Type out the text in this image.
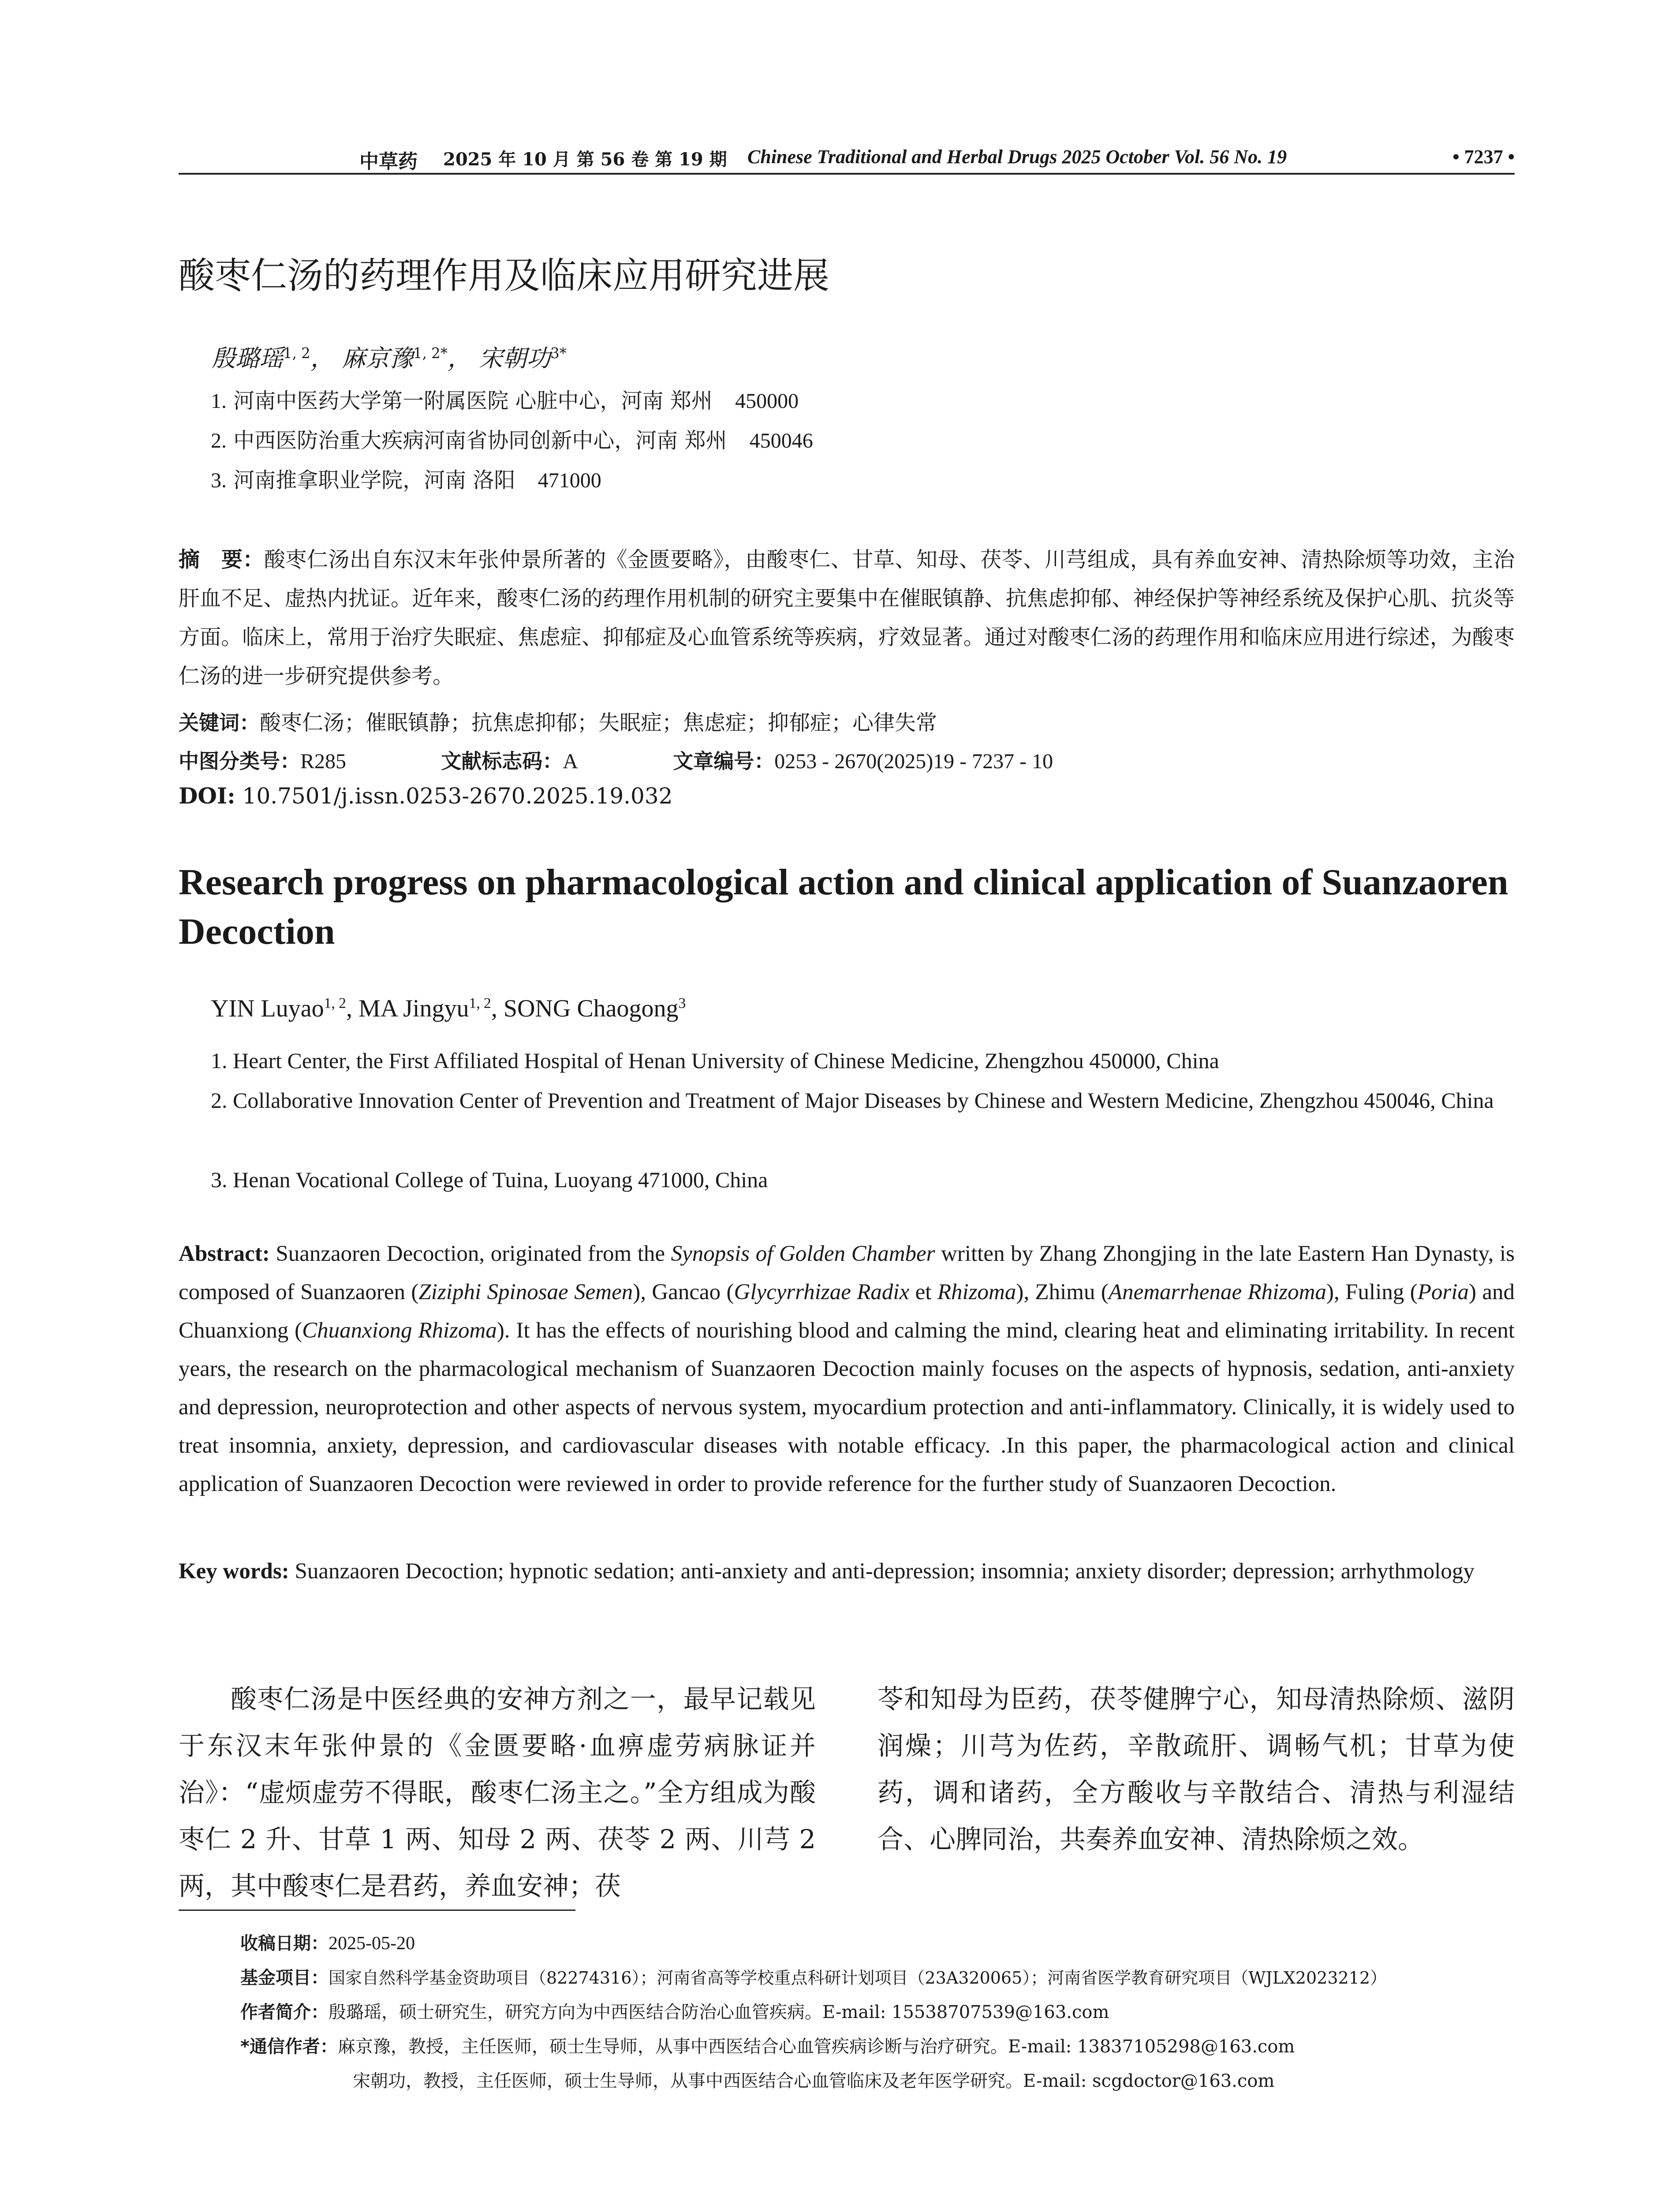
中草药 2025 年 10 月 第 56 卷 第 19 期 Chinese Traditional and Herbal Drugs 2025 October Vol. 56 No. 19	• 7237 •
酸枣仁汤的药理作用及临床应用研究进展
殷璐瑶$^{1, 2}$， 麻京豫$^{1, 2*}$， 宋朝功$^{3*}$
1. 河南中医药大学第一附属医院 心脏中心，河南 郑州 450000
2. 中西医防治重大疾病河南省协同创新中心，河南 郑州 450046
3. 河南推拿职业学院，河南 洛阳 471000
摘　要：酸枣仁汤出自东汉末年张仲景所著的《金匮要略》，由酸枣仁、甘草、知母、茯苓、川芎组成，具有养血安神、清热除烦等功效，主治肝血不足、虚热内扰证。近年来，酸枣仁汤的药理作用机制的研究主要集中在催眠镇静、抗焦虑抑郁、神经保护等神经系统及保护心肌、抗炎等方面。临床上，常用于治疗失眠症、焦虑症、抑郁症及心血管系统等疾病，疗效显著。通过对酸枣仁汤的药理作用和临床应用进行综述，为酸枣仁汤的进一步研究提供参考。
关键词：酸枣仁汤；催眠镇静；抗焦虑抑郁；失眠症；焦虑症；抑郁症；心律失常
中图分类号：R285	文献标志码：A	文章编号：0253 - 2670(2025)19 - 7237 - 10
DOI: 10.7501/j.issn.0253-2670.2025.19.032
Research progress on pharmacological action and clinical application of Suanzaoren Decoction
YIN Luyao$^{1, 2}$, MA Jingyu$^{1, 2}$, SONG Chaogong$^3$
1. Heart Center, the First Affiliated Hospital of Henan University of Chinese Medicine, Zhengzhou 450000, China
2. Collaborative Innovation Center of Prevention and Treatment of Major Diseases by Chinese and Western Medicine, Zhengzhou 450046, China
3. Henan Vocational College of Tuina, Luoyang 471000, China
Abstract: Suanzaoren Decoction, originated from the Synopsis of Golden Chamber written by Zhang Zhongjing in the late Eastern Han Dynasty, is composed of Suanzaoren (Ziziphi Spinosae Semen), Gancao (Glycyrrhizae Radix et Rhizoma), Zhimu (Anemarrhenae Rhizoma), Fuling (Poria) and Chuanxiong (Chuanxiong Rhizoma). It has the effects of nourishing blood and calming the mind, clearing heat and eliminating irritability. In recent years, the research on the pharmacological mechanism of Suanzaoren Decoction mainly focuses on the aspects of hypnosis, sedation, anti-anxiety and depression, neuroprotection and other aspects of nervous system, myocardium protection and anti-inflammatory. Clinically, it is widely used to treat insomnia, anxiety, depression, and cardiovascular diseases with notable efficacy. .In this paper, the pharmacological action and clinical application of Suanzaoren Decoction were reviewed in order to provide reference for the further study of Suanzaoren Decoction.
Key words: Suanzaoren Decoction; hypnotic sedation; anti-anxiety and anti-depression; insomnia; anxiety disorder; depression; arrhythmology
酸枣仁汤是中医经典的安神方剂之一，最早记载见于东汉末年张仲景的《金匮要略·血痹虚劳病脉证并治》：“虚烦虚劳不得眠，酸枣仁汤主之。”全方组成为酸枣仁 2 升、甘草 1 两、知母 2 两、茯苓 2 两、川芎 2 两，其中酸枣仁是君药，养血安神；茯
苓和知母为臣药，茯苓健脾宁心，知母清热除烦、滋阴润燥；川芎为佐药，辛散疏肝、调畅气机；甘草为使药，调和诸药，全方酸收与辛散结合、清热与利湿结合、心脾同治，共奏养血安神、清热除烦之效。
收稿日期：2025-05-20
基金项目：国家自然科学基金资助项目（82274316）；河南省高等学校重点科研计划项目（23A320065）；河南省医学教育研究项目（WJLX2023212）
作者简介：殷璐瑶，硕士研究生，研究方向为中西医结合防治心血管疾病。E-mail: 15538707539@163.com
*通信作者：麻京豫，教授，主任医师，硕士生导师，从事中西医结合心血管疾病诊断与治疗研究。E-mail: 13837105298@163.com
宋朝功，教授，主任医师，硕士生导师，从事中西医结合心血管临床及老年医学研究。E-mail: scgdoctor@163.com
